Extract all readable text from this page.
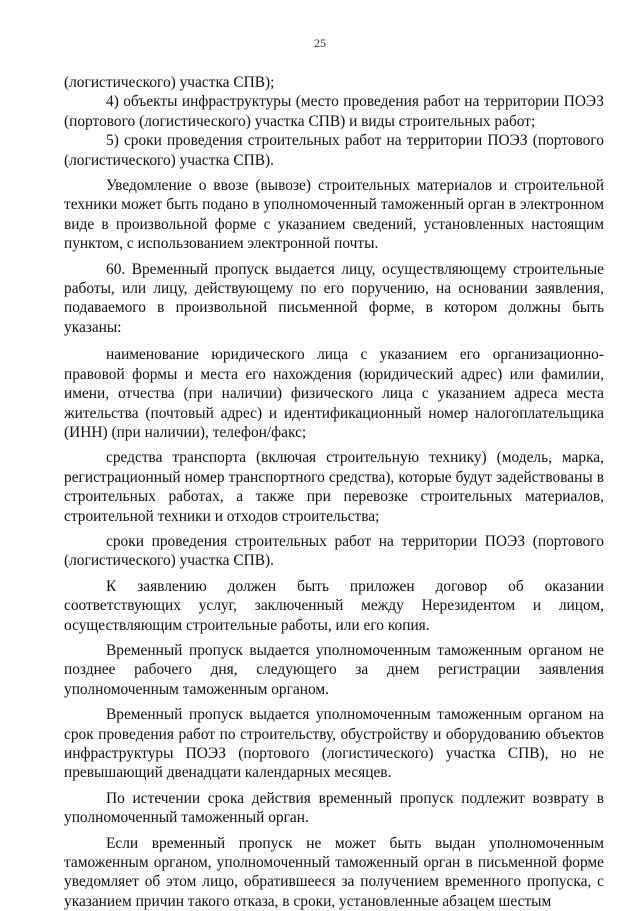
25

(логистического) участка СПВ);

4) объекты инфраструктуры (место проведения работ на территории ПОЭЗ (портового (логистического) участка СПВ) и виды строительных работ;

5) сроки проведения строительных работ на территории ПОЭЗ (портового (логистического) участка СПВ).

Уведомление о ввозе (вывозе) строительных материалов и строительной техники может быть подано в уполномоченный таможенный орган в электронном виде в произвольной форме с указанием сведений, установленных настоящим пунктом, с использованием электронной почты.

60. Временный пропуск выдается лицу, осуществляющему строительные работы, или лицу, действующему по его поручению, на основании заявления, подаваемого в произвольной письменной форме, в котором должны быть указаны:

наименование юридического лица с указанием его организационно-правовой формы и места его нахождения (юридический адрес) или фамилии, имени, отчества (при наличии) физического лица с указанием адреса места жительства (почтовый адрес) и идентификационный номер налогоплательщика (ИНН) (при наличии), телефон/факс;

средства транспорта (включая строительную технику) (модель, марка, регистрационный номер транспортного средства), которые будут задействованы в строительных работах, а также при перевозке строительных материалов, строительной техники и отходов строительства;

сроки проведения строительных работ на территории ПОЭЗ (портового (логистического) участка СПВ).

К заявлению должен быть приложен договор об оказании соответствующих услуг, заключенный между Нерезидентом и лицом, осуществляющим строительные работы, или его копия.

Временный пропуск выдается уполномоченным таможенным органом не позднее рабочего дня, следующего за днем регистрации заявления уполномоченным таможенным органом.

Временный пропуск выдается уполномоченным таможенным органом на срок проведения работ по строительству, обустройству и оборудованию объектов инфраструктуры ПОЭЗ (портового (логистического) участка СПВ), но не превышающий двенадцати календарных месяцев.

По истечении срока действия временный пропуск подлежит возврату в уполномоченный таможенный орган.

Если временный пропуск не может быть выдан уполномоченным таможенным органом, уполномоченный таможенный орган в письменной форме уведомляет об этом лицо, обратившееся за получением временного пропуска, с указанием причин такого отказа, в сроки, установленные абзацем шестым
